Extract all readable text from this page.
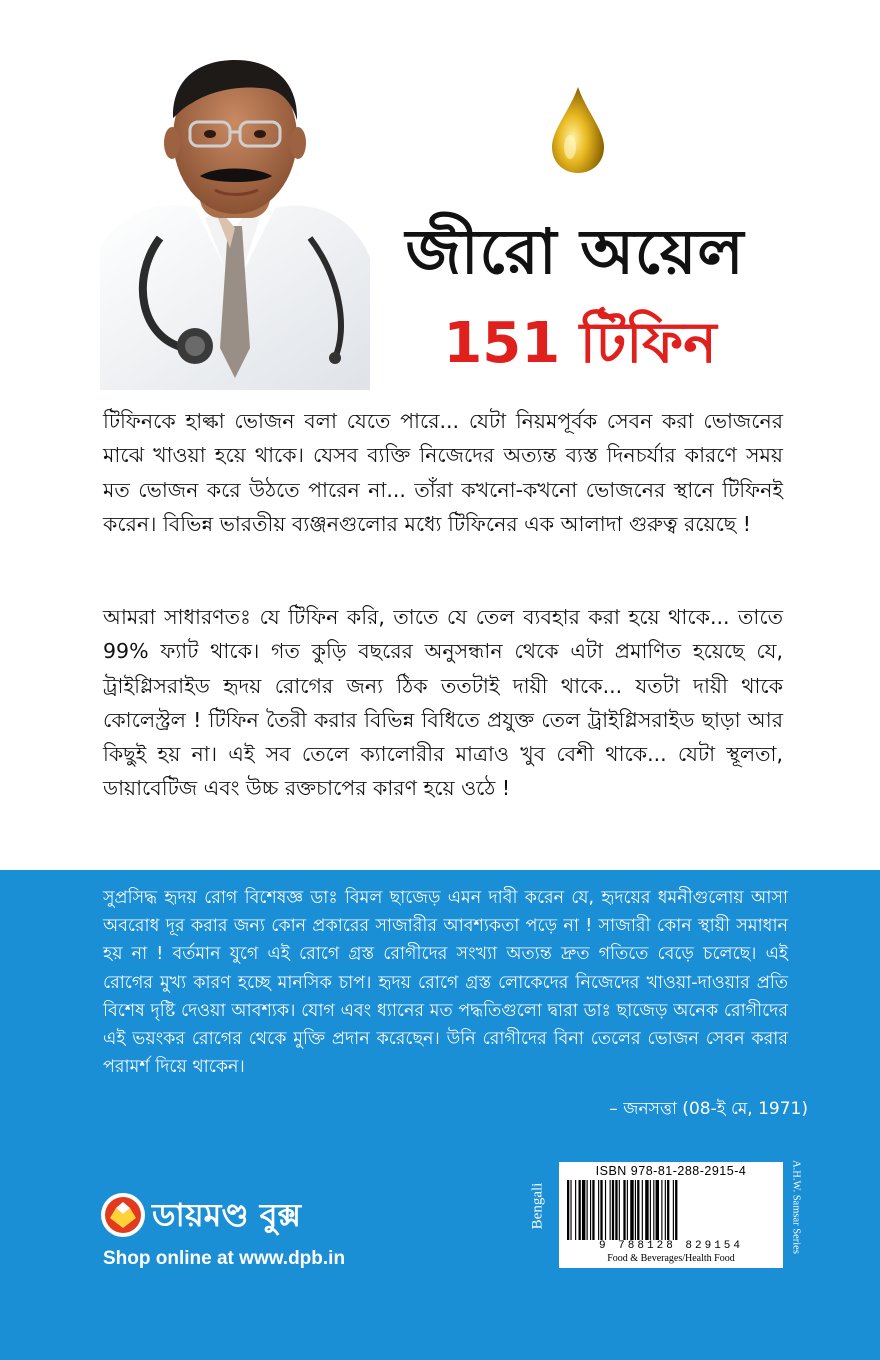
জীরো অয়েল
151 টিফিন

টিফিনকে হাল্কা ভোজন বলা যেতে পারে... যেটা নিয়মপূর্বক সেবন করা ভোজনের মাঝে খাওয়া হয়ে থাকে। যেসব ব্যক্তি নিজেদের অত্যন্ত ব্যস্ত দিনচর্যার কারণে সময় মত ভোজন করে উঠতে পারেন না... তাঁরা কখনো-কখনো ভোজনের স্থানে টিফিনই করেন। বিভিন্ন ভারতীয় ব্যঞ্জনগুলোর মধ্যে টিফিনের এক আলাদা গুরুত্ব রয়েছে !

আমরা সাধারণতঃ যে টিফিন করি, তাতে যে তেল ব্যবহার করা হয়ে থাকে... তাতে 99% ফ্যাট থাকে। গত কুড়ি বছরের অনুসন্ধান থেকে এটা প্রমাণিত হয়েছে যে, ট্রাইগ্লিসরাইড হৃদয় রোগের জন্য ঠিক ততটাই দায়ী থাকে... যতটা দায়ী থাকে কোলেস্ট্রল ! টিফিন তৈরী করার বিভিন্ন বিধিতে প্রযুক্ত তেল ট্রাইগ্লিসরাইড ছাড়া আর কিছুই হয় না। এই সব তেলে ক্যালোরীর মাত্রাও খুব বেশী থাকে... যেটা স্থূলতা, ডায়াবেটিজ এবং উচ্চ রক্তচাপের কারণ হয়ে ওঠে !

সুপ্রসিদ্ধ হৃদয় রোগ বিশেষজ্ঞ ডাঃ বিমল ছাজেড় এমন দাবী করেন যে, হৃদয়ের ধমনীগুলোয় আসা অবরোধ দূর করার জন্য কোন প্রকারের সাজারীর আবশ্যকতা পড়ে না ! সাজারী কোন স্থায়ী সমাধান হয় না ! বর্তমান যুগে এই রোগে গ্রস্ত রোগীদের সংখ্যা অত্যন্ত দ্রুত গতিতে বেড়ে চলেছে। এই রোগের মুখ্য কারণ হচ্ছে মানসিক চাপ। হৃদয় রোগে গ্রস্ত লোকেদের নিজেদের খাওয়া-দাওয়ার প্রতি বিশেষ দৃষ্টি দেওয়া আবশ্যক। যোগ এবং ধ্যানের মত পদ্ধতিগুলো দ্বারা ডাঃ ছাজেড় অনেক রোগীদের এই ভয়ংকর রোগের থেকে মুক্তি প্রদান করেছেন। উনি রোগীদের বিনা তেলের ভোজন সেবন করার পরামর্শ দিয়ে থাকেন।

– জনসত্তা (08-ই মে, 1971)
ডায়মণ্ড বুক্স
Shop online at www.dpb.in
Bengali
ISBN 978-81-288-2915-4
9 788128 829154
Food & Beverages/Health Food
A.H.W. Samsar Series
